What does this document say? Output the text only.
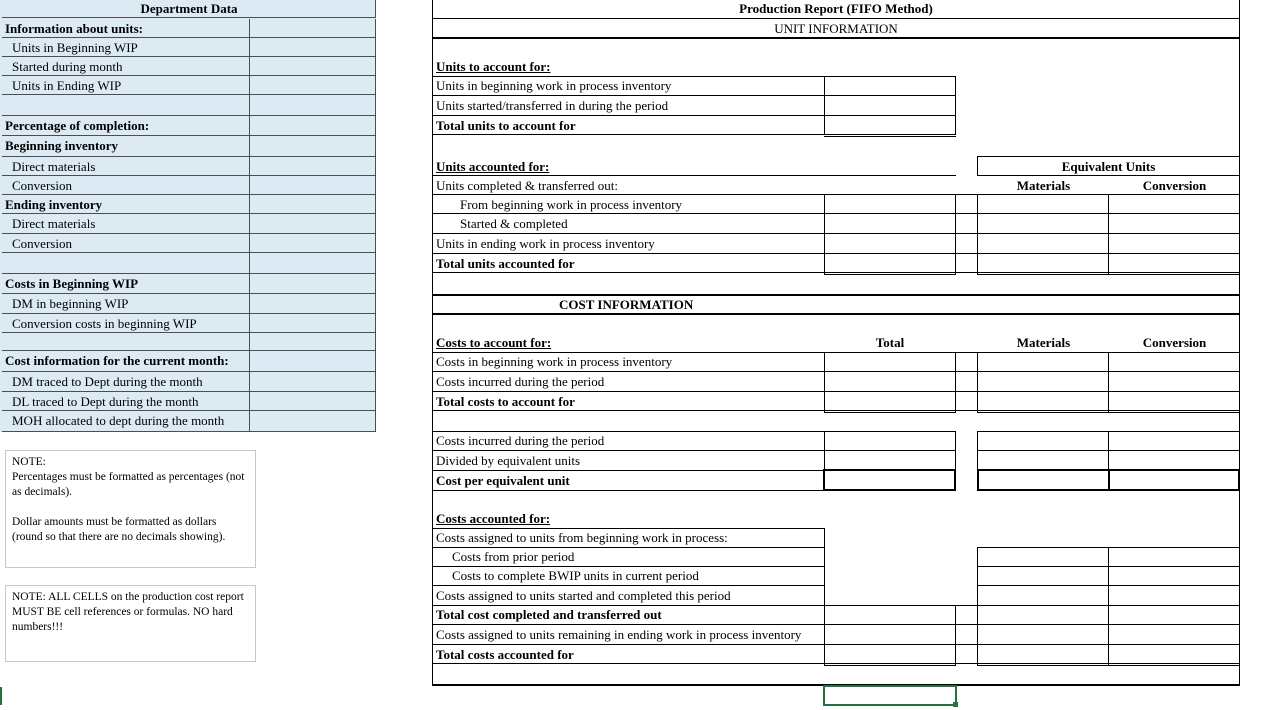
Department Data
Information about units:
Units in Beginning WIP
Started during month
Units in Ending WIP
Percentage of completion:
Beginning inventory
Direct materials
Conversion
Ending inventory
Direct materials
Conversion
Costs in Beginning WIP
DM in beginning WIP
Conversion costs in beginning WIP
Cost information for the current month:
DM traced to Dept during the month
DL traced to Dept during the month
MOH allocated to dept during the month
NOTE:
Percentages must be formatted as percentages (not as decimals).
Dollar amounts must be formatted as dollars (round so that there are no decimals showing).
NOTE: ALL CELLS on the production cost report MUST BE cell references or formulas. NO hard numbers!!!
Production Report (FIFO Method)
UNIT INFORMATION
Units to account for:
Units in beginning work in process inventory
Units started/transferred in during the period
Total units to account for
Units accounted for:	Equivalent Units
Materials	Conversion
Units completed & transferred out:
From beginning work in process inventory
Started & completed
Units in ending work in process inventory
Total units accounted for
COST INFORMATION
Costs to account for:	Total	Materials	Conversion
Costs in beginning work in process inventory
Costs incurred during the period
Total costs to account for
Costs incurred during the period
Divided by equivalent units
Cost per equivalent unit
Costs accounted for:
Costs assigned to units from beginning work in process:
Costs from prior period
Costs to complete BWIP units in current period
Costs assigned to units started and completed this period
Total cost completed and transferred out
Costs assigned to units remaining in ending work in process inventory
Total costs accounted for
